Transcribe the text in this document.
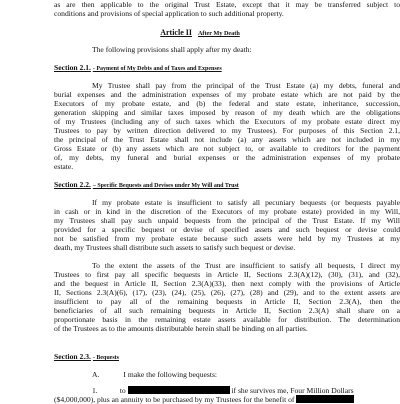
as are then applicable to the original Trust Estate, except that it may be transferred subject to
conditions and provisions of special application to such additional property.
Article II After My Death
The following provisions shall apply after my death:
Section 2.1. - Payment of My Debts and of Taxes and Expenses
My Trustee shall pay from the principal of the Trust Estate (a) my debts, funeral and
burial expenses and the administration expenses of my probate estate which are not paid by the
Executors of my probate estate, and (b) the federal and state estate, inheritance, succession,
generation skipping and similar taxes imposed by reason of my death which are the obligations
of my Trustees (including any of such taxes which the Executors of my probate estate direct my
Trustees to pay by written direction delivered to my Trustees). For purposes of this Section 2.1,
the principal of the Trust Estate shall not include (a) any assets which are not included in my
Gross Estate or (b) any assets which are not subject to, or available to creditors for the payment
of, my debts, my funeral and burial expenses or the administration expenses of my probate
estate.
Section 2.2. – Specific Bequests and Devises under My Will and Trust
If my probate estate is insufficient to satisfy all pecuniary bequests (or bequests payable
in cash or in kind in the discretion of the Executors of my probate estate) provided in my Will,
my Trustees shall pay such unpaid bequests from the principal of the Trust Estate. If my Will
provided for a specific bequest or devise of specified assets and such bequest or devise could
not be satisfied from my probate estate because such assets were held by my Trustees at my
death, my Trustees shall distribute such assets to satisfy such bequest or devise.
To the extent the assets of the Trust are insufficient to satisfy all bequests, I direct my
Trustees to first pay all specific bequests in Article II, Sections 2.3(A)(12), (30), (31), and (32),
and the bequest in Article II, Section 2.3(A)(33), then next comply with the provisions of Article
II, Sections 2.3(A)(6), (17), (23), (24), (25), (26), (27), (28) and (29), and to the extent assets are
insufficient to pay all of the remaining bequests in Article II, Section 2.3(A), then the
beneficiaries of all such remaining bequests in Article II, Section 2.3(A) shall share on a
proportionate basis in the remaining estate assets available for distribution. The determination
of the Trustees as to the amounts distributable herein shall be binding on all parties.
Section 2.3. - Bequests
A.	I make the following bequests:
1.	to	if she survives me, Four Million Dollars
($4,000,000), plus an annuity to be purchased by my Trustees for the benefit of
